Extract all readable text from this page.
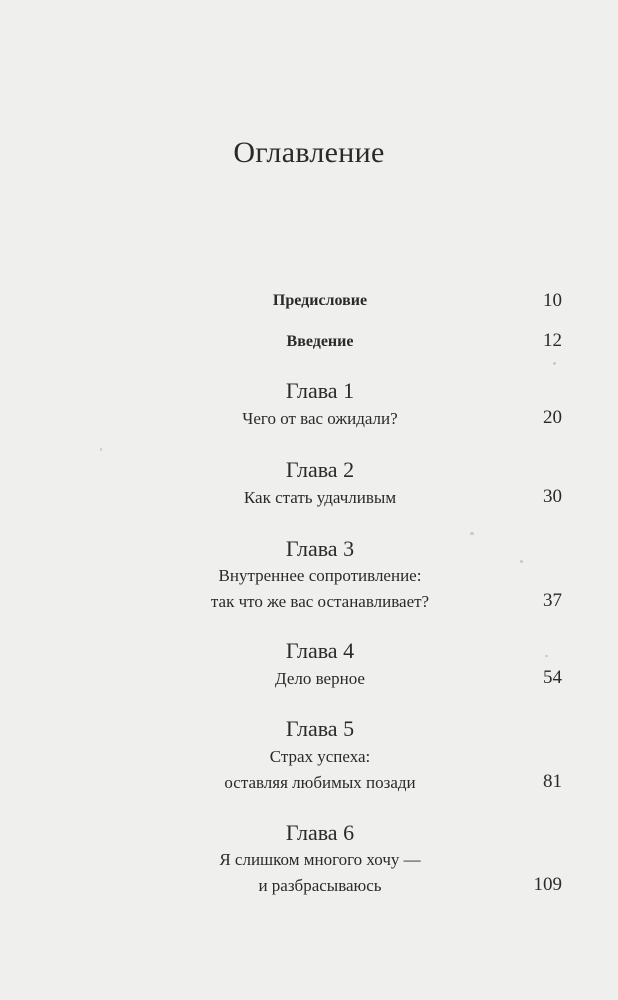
Оглавление
Предисловие	10
Введение	12
Глава 1
Чего от вас ожидали?	20
Глава 2
Как стать удачливым	30
Глава 3
Внутреннее сопротивление:
так что же вас останавливает?	37
Глава 4
Дело верное	54
Глава 5
Страх успеха:
оставляя любимых позади	81
Глава 6
Я слишком многого хочу —
и разбрасываюсь	109
